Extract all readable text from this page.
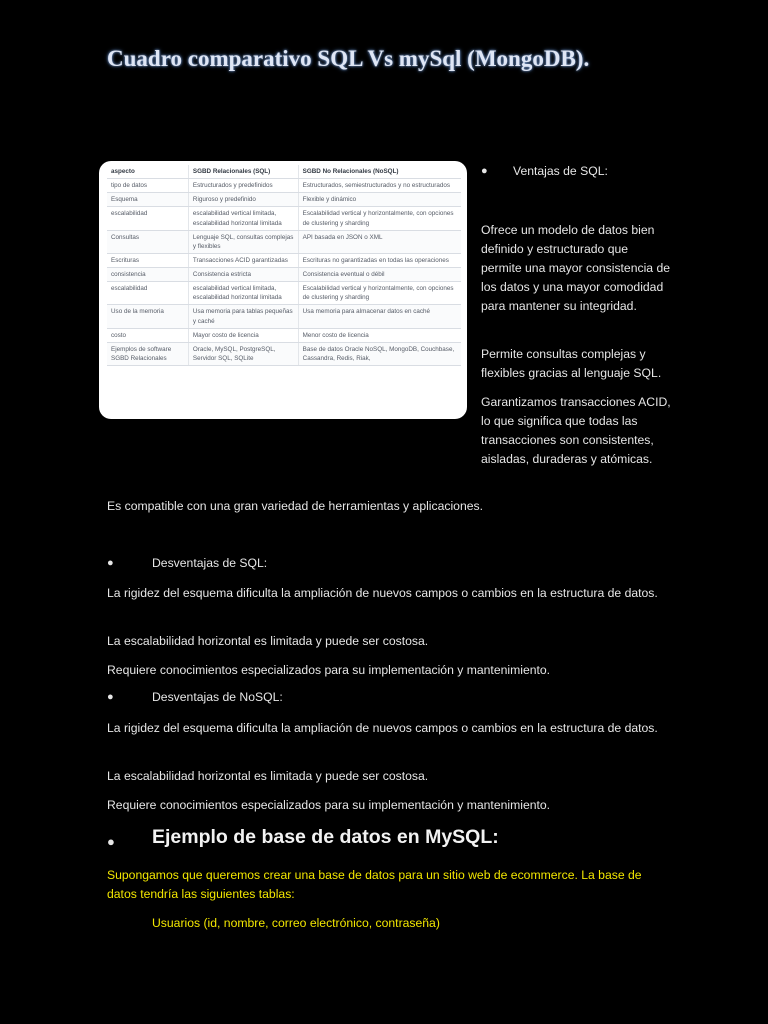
Cuadro comparativo SQL Vs mySql (MongoDB).
aspecto	SGBD Relacionales (SQL)	SGBD No Relacionales (NoSQL)
tipo de datos	Estructurados y predefinidos	Estructurados, semiestructurados y no estructurados
Esquema	Riguroso y predefinido	Flexible y dinámico
escalabilidad	escalabilidad vertical limitada, escalabilidad horizontal limitada	Escalabilidad vertical y horizontalmente, con opciones de clustering y sharding
Consultas	Lenguaje SQL, consultas complejas y flexibles	API basada en JSON o XML
Escrituras	Transacciones ACID garantizadas	Escrituras no garantizadas en todas las operaciones
consistencia	Consistencia estricta	Consistencia eventual o débil
escalabilidad	escalabilidad vertical limitada, escalabilidad horizontal limitada	Escalabilidad vertical y horizontalmente, con opciones de clustering y sharding
Uso de la memoria	Usa memoria para tablas pequeñas y caché	Usa memoria para almacenar datos en caché
costo	Mayor costo de licencia	Menor costo de licencia
Ejemplos de software SGBD Relacionales	Oracle, MySQL, PostgreSQL, Servidor SQL, SQLite	Base de datos Oracle NoSQL, MongoDB, Couchbase, Cassandra, Redis, Riak,
● Ventajas de SQL:
Ofrece un modelo de datos bien definido y estructurado que permite una mayor consistencia de los datos y una mayor comodidad para mantener su integridad.
Permite consultas complejas y flexibles gracias al lenguaje SQL.
Garantizamos transacciones ACID, lo que significa que todas las transacciones son consistentes, aisladas, duraderas y atómicas.
Es compatible con una gran variedad de herramientas y aplicaciones.
●	Desventajas de SQL:
La rigidez del esquema dificulta la ampliación de nuevos campos o cambios en la estructura de datos.
La escalabilidad horizontal es limitada y puede ser costosa.
Requiere conocimientos especializados para su implementación y mantenimiento.
●	Desventajas de NoSQL:
La rigidez del esquema dificulta la ampliación de nuevos campos o cambios en la estructura de datos.
La escalabilidad horizontal es limitada y puede ser costosa.
Requiere conocimientos especializados para su implementación y mantenimiento.
● Ejemplo de base de datos en MySQL:
Supongamos que queremos crear una base de datos para un sitio web de ecommerce. La base de datos tendría las siguientes tablas:
Usuarios (id, nombre, correo electrónico, contraseña)
